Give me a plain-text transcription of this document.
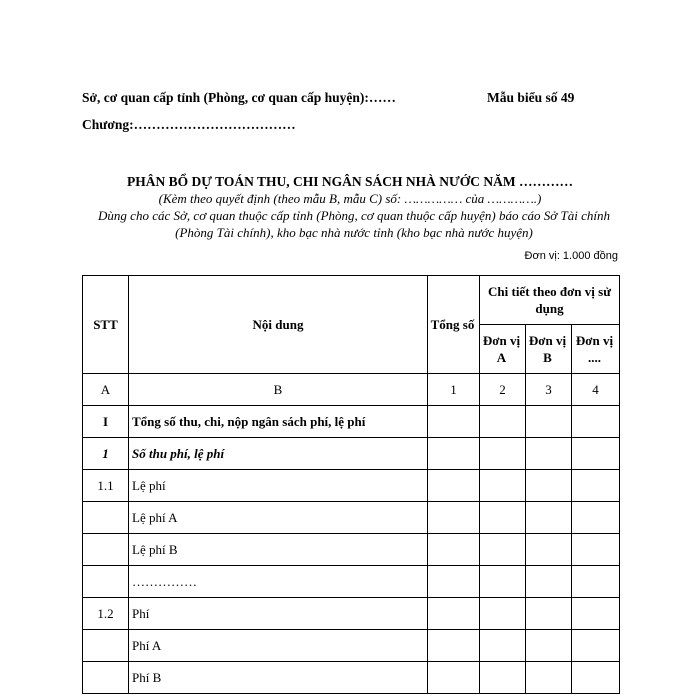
Sở, cơ quan cấp tỉnh (Phòng, cơ quan cấp huyện):……	Mẫu biểu số 49
Chương:………………………………
PHÂN BỔ DỰ TOÁN THU, CHI NGÂN SÁCH NHÀ NƯỚC NĂM …………
(Kèm theo quyết định (theo mẫu B, mẫu C) số: …………… của ………….)
Dùng cho các Sở, cơ quan thuộc cấp tỉnh (Phòng, cơ quan thuộc cấp huyện) báo cáo Sở Tài chính (Phòng Tài chính), kho bạc nhà nước tỉnh (kho bạc nhà nước huyện)
Đơn vị: 1.000 đồng
STT	Nội dung	Tổng số	Chi tiết theo đơn vị sử dụng		
			Đơn vị A	Đơn vị B	Đơn vị ....
A	B	1	2	3	4
I	Tổng số thu, chi, nộp ngân sách phí, lệ phí				
1	Số thu phí, lệ phí				
1.1	Lệ phí				
	Lệ phí A				
	Lệ phí B				
	……………				
1.2	Phí				
	Phí A				
	Phí B				
